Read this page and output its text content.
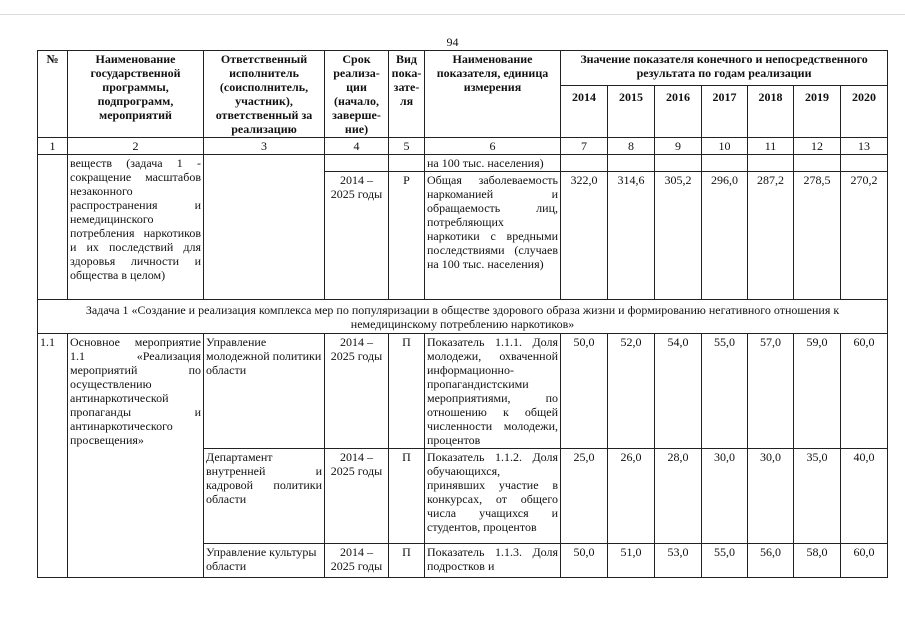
94
№	Наименование государственной программы, подпрограмм, мероприятий	Ответственный исполнитель (соисполнитель, участник), ответственный за реализацию	Срок реализа-ции (начало, заверше-ние)	Вид пока-зате-ля	Наименование показателя, единица измерения	Значение показателя конечного и непосредственного результата по годам реализации						
						2014	2015	2016	2017	2018	2019	2020
1	2	3	4	5	6	7	8	9	10	11	12	13
	веществ (задача 1 - сокращение масштабов незаконного распространения и немедицинского потребления наркотиков и их последствий для здоровья личности и общества в целом)				на 100 тыс. населения)							
			2014 – 2025 годы	Р	Общая заболеваемость наркоманией и обращаемость лиц, потребляющих наркотики с вредными последствиями (случаев на 100 тыс. населения)	322,0	314,6	305,2	296,0	287,2	278,5	270,2
Задача 1 «Создание и реализация комплекса мер по популяризации в обществе здорового образа жизни и формированию негативного отношения к немедицинскому потреблению наркотиков»												
1.1	Основное мероприятие 1.1 «Реализация мероприятий по осуществлению антинаркотической пропаганды и антинаркотического просвещения»	Управление молодежной политики области	2014 – 2025 годы	П	Показатель 1.1.1. Доля молодежи, охваченной информационно-пропагандистскими мероприятиями, по отношению к общей численности молодежи, процентов	50,0	52,0	54,0	55,0	57,0	59,0	60,0
		Департамент внутренней и кадровой политики области	2014 – 2025 годы	П	Показатель 1.1.2. Доля обучающихся, принявших участие в конкурсах, от общего числа учащихся и студентов, процентов	25,0	26,0	28,0	30,0	30,0	35,0	40,0
		Управление культуры области	2014 – 2025 годы	П	Показатель 1.1.3. Доля подростков и	50,0	51,0	53,0	55,0	56,0	58,0	60,0
